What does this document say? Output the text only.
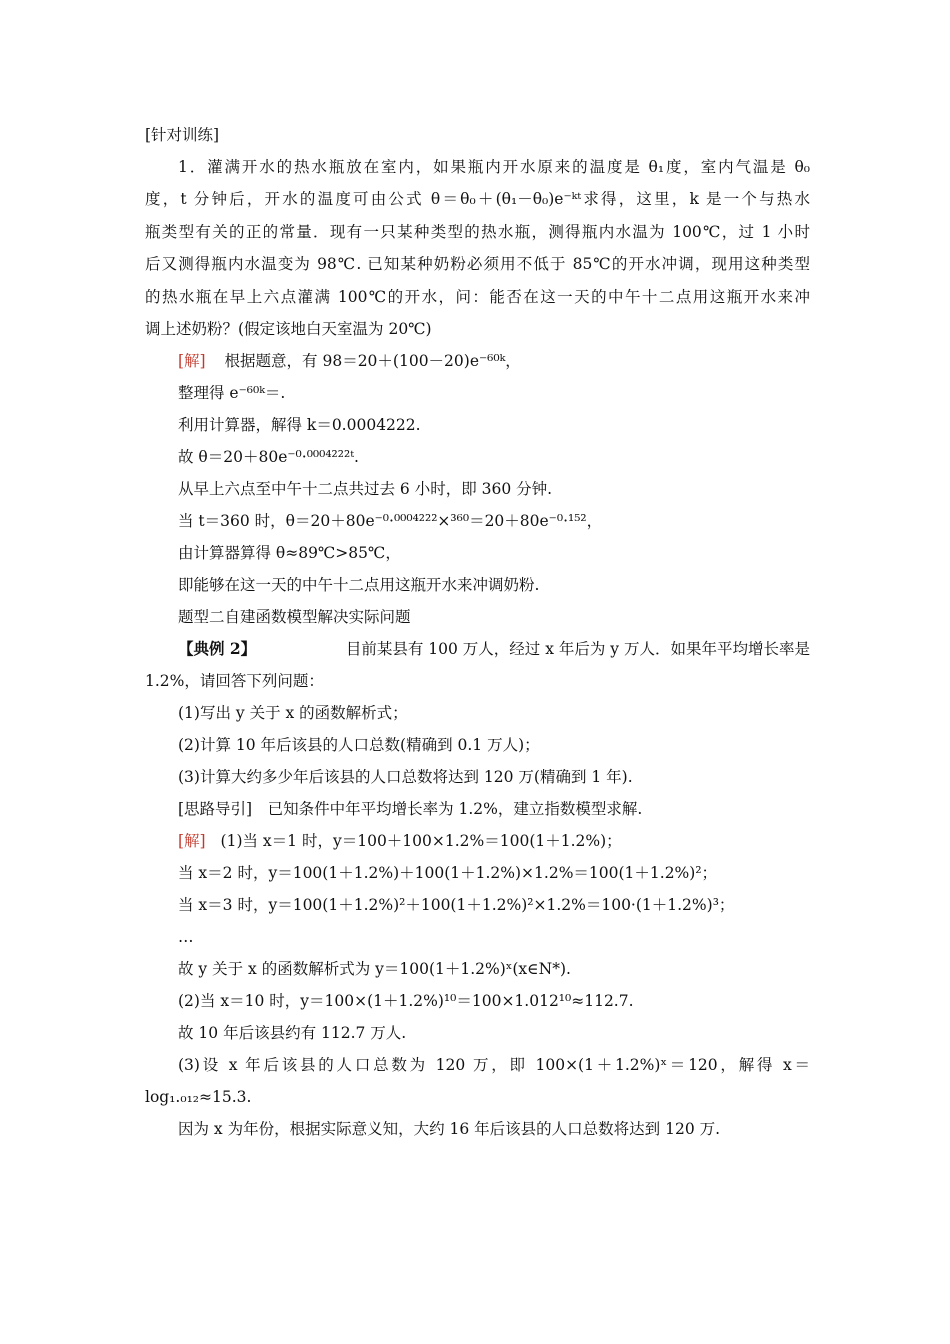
[针对训练]
1．灌满开水的热水瓶放在室内，如果瓶内开水原来的温度是 θ₁度，室内气温是 θ₀
度，t 分钟后，开水的温度可由公式 θ＝θ₀＋(θ₁－θ₀)e⁻ᵏᵗ求得，这里，k 是一个与热水
瓶类型有关的正的常量．现有一只某种类型的热水瓶，测得瓶内水温为 100℃，过 1 小时
后又测得瓶内水温变为 98℃. 已知某种奶粉必须用不低于 85℃的开水冲调，现用这种类型
的热水瓶在早上六点灌满 100℃的开水，问：能否在这一天的中午十二点用这瓶开水来冲
调上述奶粉？(假定该地白天室温为 20℃)
[解] 根据题意，有 98＝20＋(100－20)e⁻⁶⁰ᵏ，
整理得 e⁻⁶⁰ᵏ＝.
利用计算器，解得 k＝0.0004222.
故 θ＝20＋80e⁻⁰·⁰⁰⁰⁴²²²ᵗ.
从早上六点至中午十二点共过去 6 小时，即 360 分钟.
当 t＝360 时，θ＝20＋80e⁻⁰·⁰⁰⁰⁴²²²×³⁶⁰＝20＋80e⁻⁰·¹⁵²，
由计算器算得 θ≈89℃>85℃，
即能够在这一天的中午十二点用这瓶开水来冲调奶粉.
题型二自建函数模型解决实际问题
【典例 2】	目前某县有 100 万人，经过 x 年后为 y 万人．如果年平均增长率是
1.2%，请回答下列问题：
(1)写出 y 关于 x 的函数解析式；
(2)计算 10 年后该县的人口总数(精确到 0.1 万人)；
(3)计算大约多少年后该县的人口总数将达到 120 万(精确到 1 年).
[思路导引]　已知条件中年平均增长率为 1.2%，建立指数模型求解.
[解] (1)当 x＝1 时，y＝100＋100×1.2%＝100(1＋1.2%)；
当 x＝2 时，y＝100(1＋1.2%)＋100(1＋1.2%)×1.2%＝100(1＋1.2%)²；
当 x＝3 时，y＝100(1＋1.2%)²＋100(1＋1.2%)²×1.2%＝100·(1＋1.2%)³；
…
故 y 关于 x 的函数解析式为 y＝100(1＋1.2%)ˣ(x∈N*).
(2)当 x＝10 时，y＝100×(1＋1.2%)¹⁰＝100×1.012¹⁰≈112.7.
故 10 年后该县约有 112.7 万人.
(3)设 x 年后该县的人口总数为 120 万，即 100×(1＋1.2%)ˣ＝120，解得 x＝
log₁.₀₁₂≈15.3.
因为 x 为年份，根据实际意义知，大约 16 年后该县的人口总数将达到 120 万.
